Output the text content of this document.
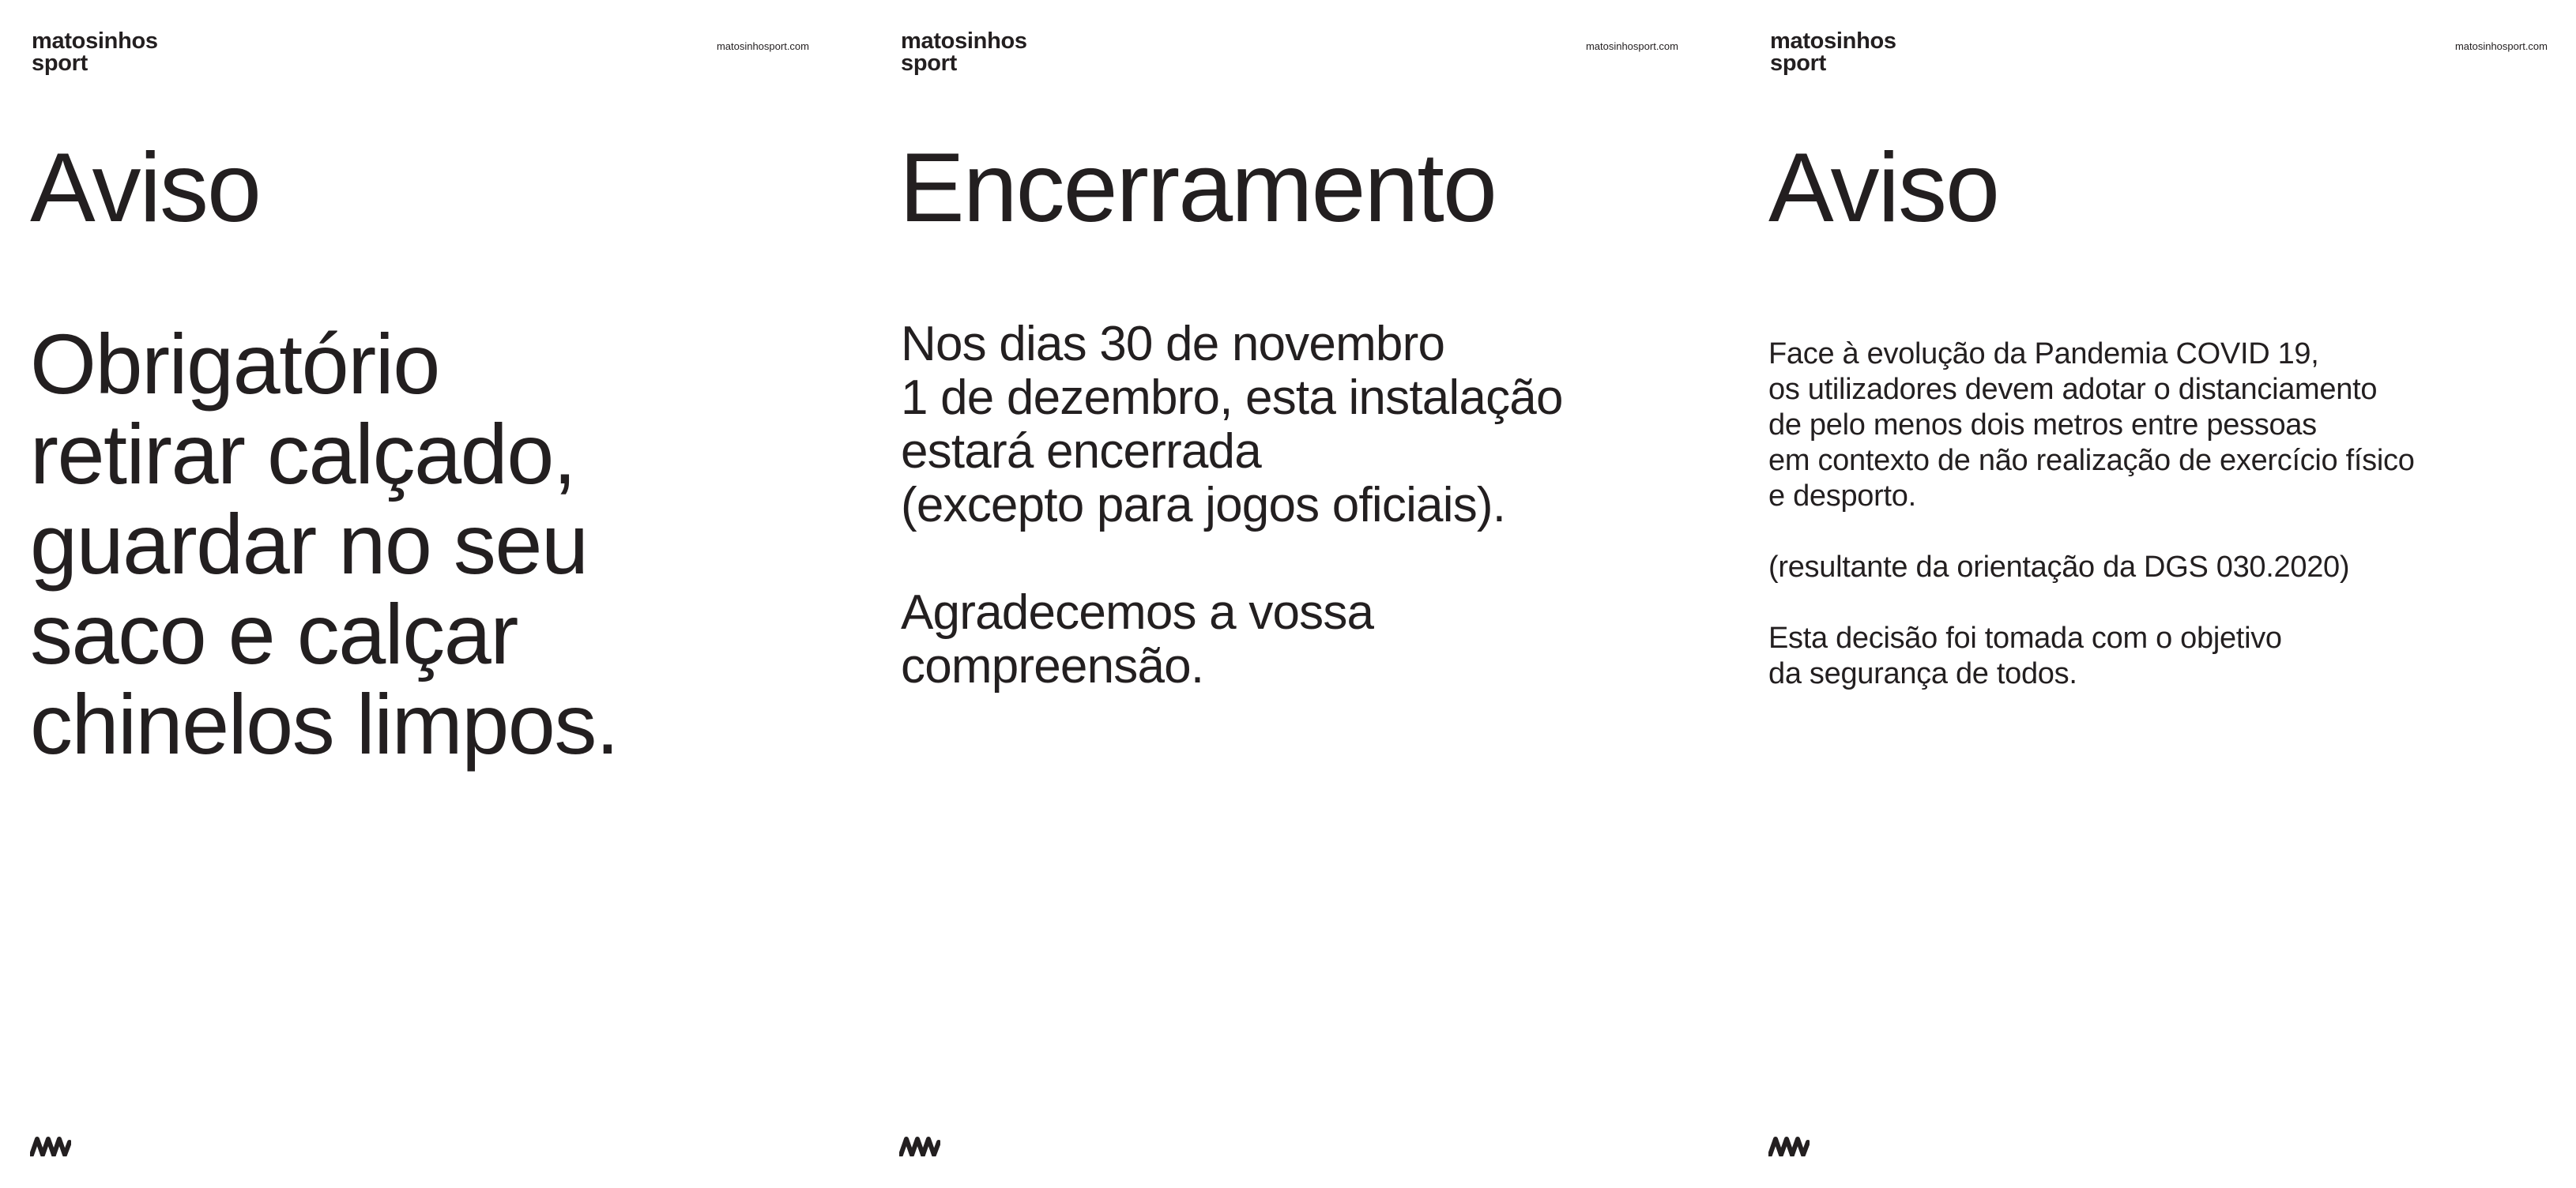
matosinhos
sport

matosinhosport.com

Aviso

Obrigatório
retirar calçado,
guardar no seu
saco e calçar
chinelos limpos.

matosinhos
sport

matosinhosport.com

Encerramento

Nos dias 30 de novembro
1 de dezembro, esta instalação
estará encerrada
(excepto para jogos oficiais).
Agradecemos a vossa
compreensão.

matosinhos
sport

matosinhosport.com

Aviso

Face à evolução da Pandemia COVID 19,
os utilizadores devem adotar o distanciamento
de pelo menos dois metros entre pessoas
em contexto de não realização de exercício físico
e desporto.
(resultante da orientação da DGS 030.2020)
Esta decisão foi tomada com o objetivo
da segurança de todos.
